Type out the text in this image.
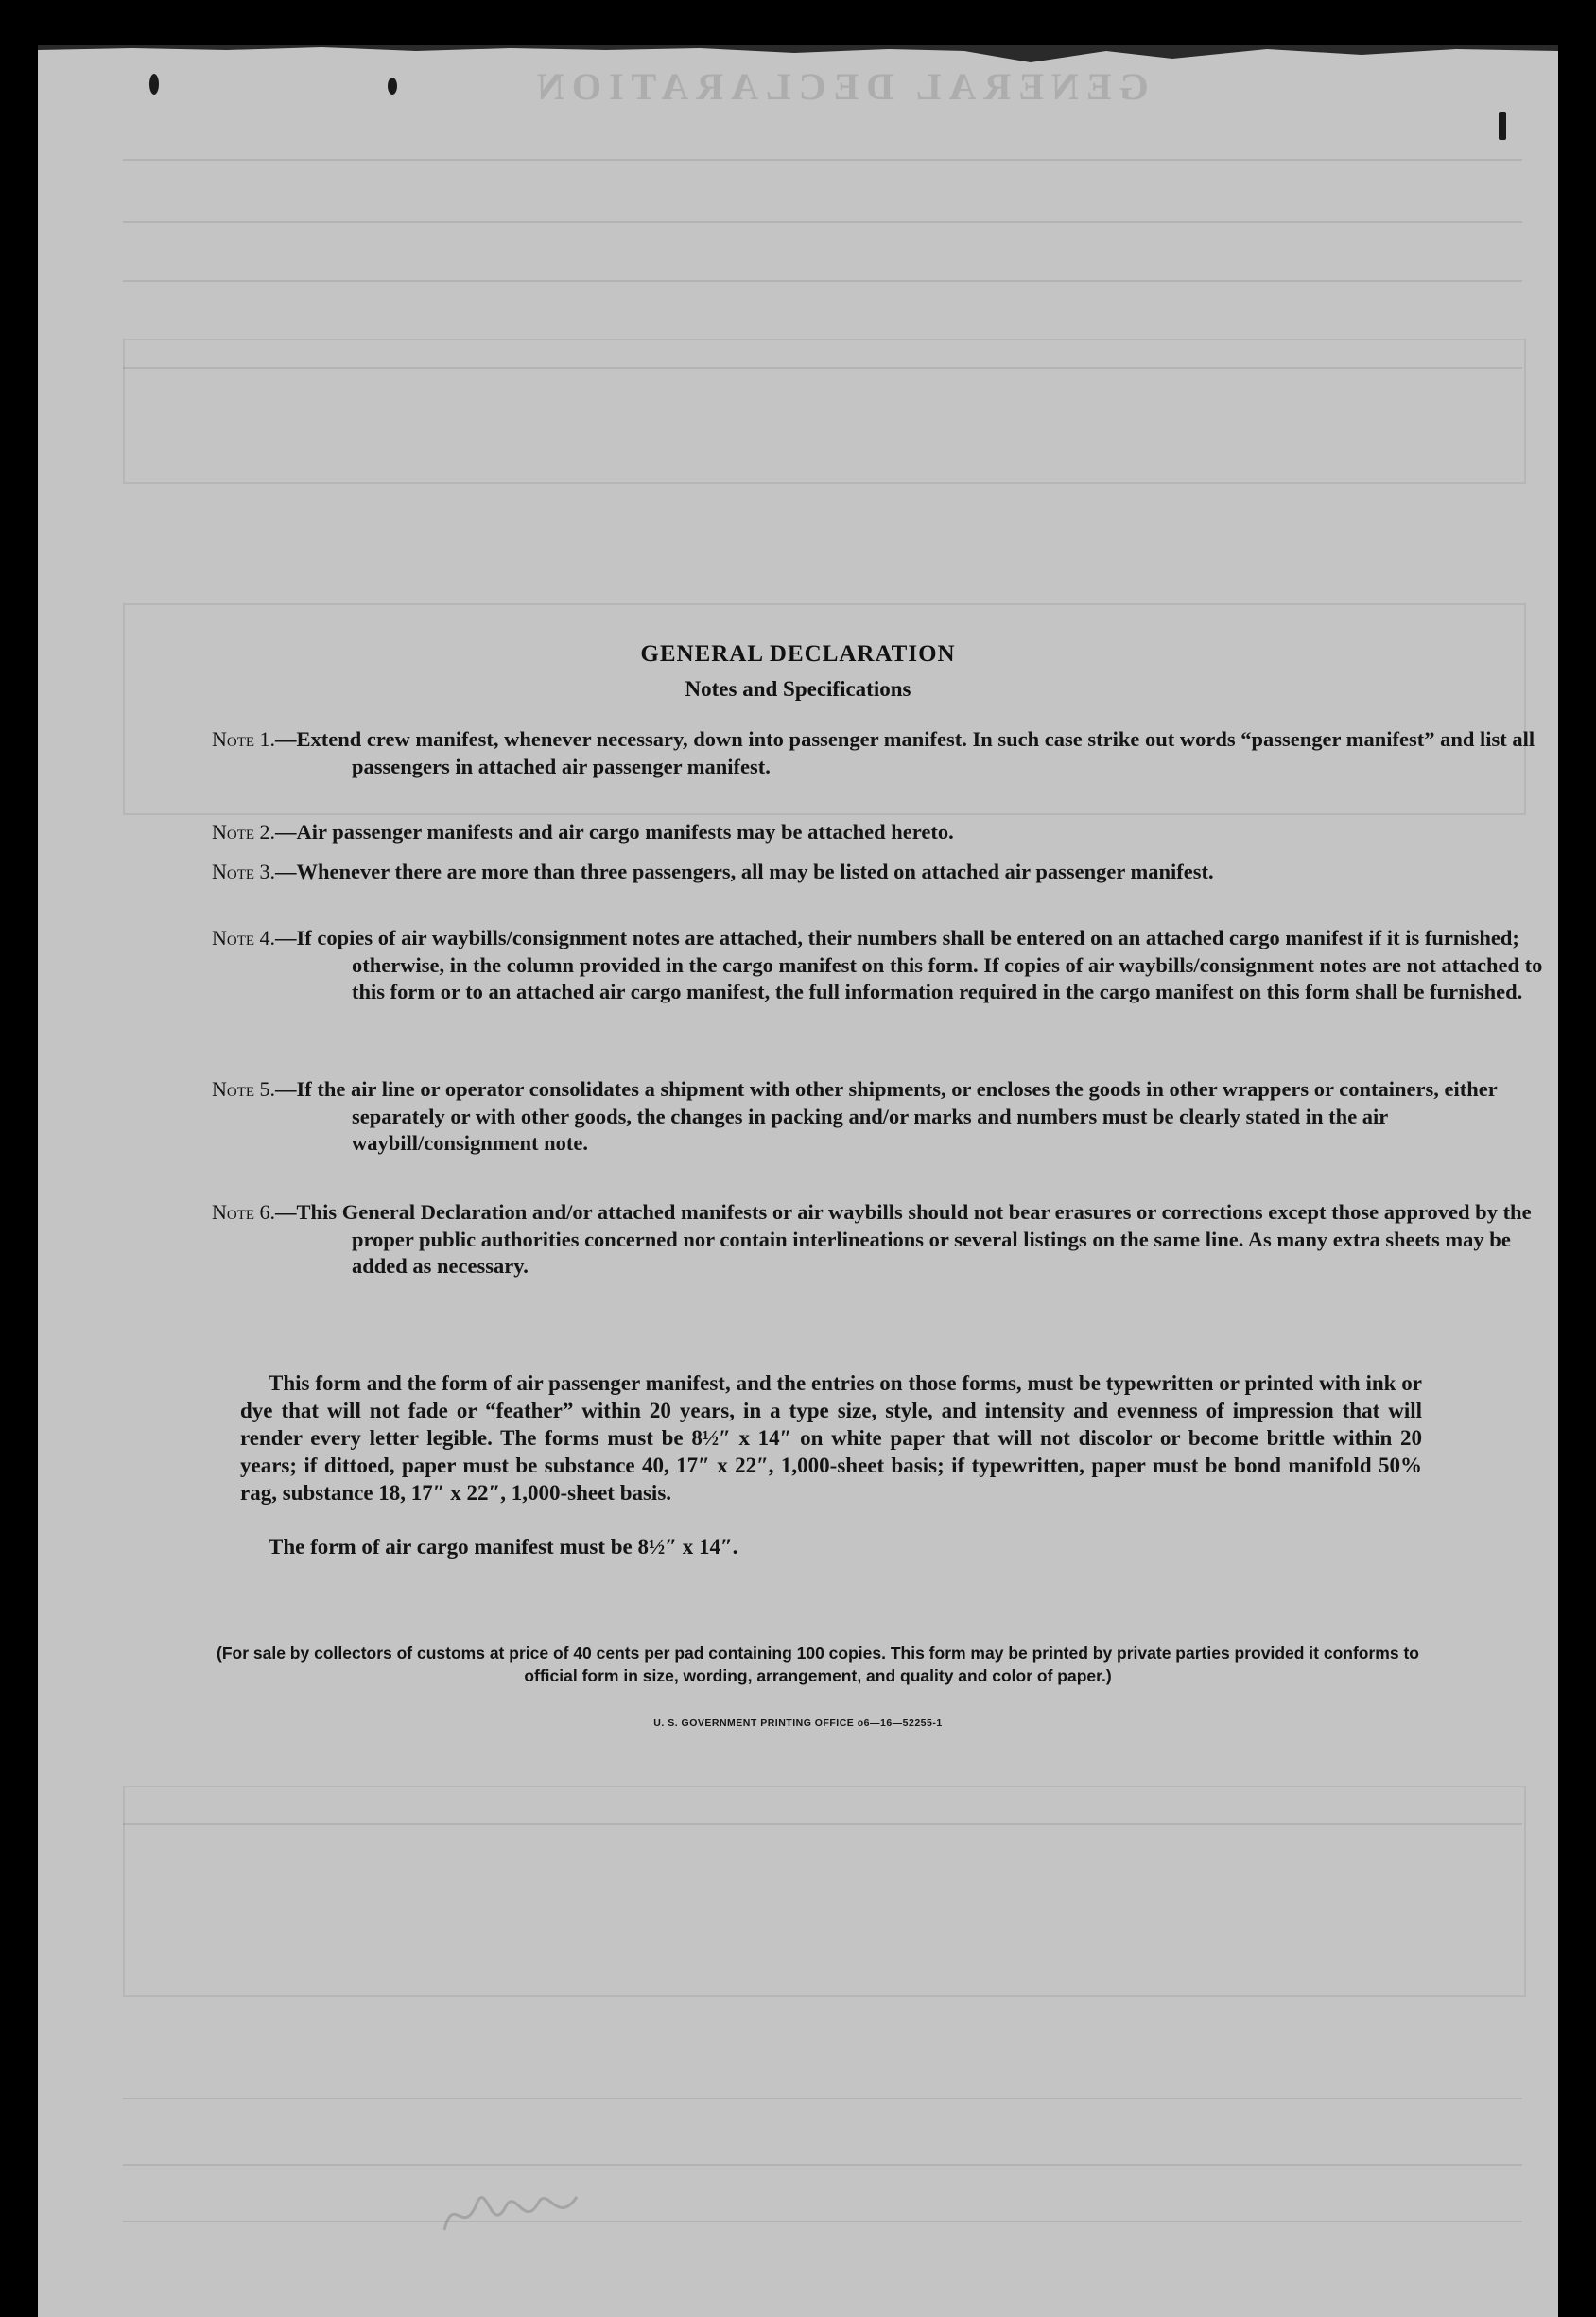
GENERAL DECLARATION
GENERAL DECLARATION
Notes and Specifications
Note 1.—Extend crew manifest, whenever necessary, down into passenger manifest. In such case strike out words “passenger manifest” and list all passengers in attached air passenger manifest.
Note 2.—Air passenger manifests and air cargo manifests may be attached hereto.
Note 3.—Whenever there are more than three passengers, all may be listed on attached air passenger manifest.
Note 4.—If copies of air waybills/consignment notes are attached, their numbers shall be entered on an attached cargo manifest if it is furnished; otherwise, in the column provided in the cargo manifest on this form. If copies of air waybills/consignment notes are not attached to this form or to an attached air cargo manifest, the full information required in the cargo manifest on this form shall be furnished.
Note 5.—If the air line or operator consolidates a shipment with other shipments, or encloses the goods in other wrappers or containers, either separately or with other goods, the changes in packing and/or marks and numbers must be clearly stated in the air waybill/consignment note.
Note 6.—This General Declaration and/or attached manifests or air waybills should not bear erasures or corrections except those approved by the proper public authorities concerned nor contain interlineations or several listings on the same line. As many extra sheets may be added as necessary.
This form and the form of air passenger manifest, and the entries on those forms, must be typewritten or printed with ink or dye that will not fade or “feather” within 20 years, in a type size, style, and intensity and evenness of impression that will render every letter legible. The forms must be 8½″ x 14″ on white paper that will not discolor or become brittle within 20 years; if dittoed, paper must be substance 40, 17″ x 22″, 1,000-sheet basis; if typewritten, paper must be bond manifold 50% rag, substance 18, 17″ x 22″, 1,000-sheet basis.
The form of air cargo manifest must be 8½″ x 14″.
(For sale by collectors of customs at price of 40 cents per pad containing 100 copies. This form may be printed by private parties provided it conforms to official form in size, wording, arrangement, and quality and color of paper.)
U. S. GOVERNMENT PRINTING OFFICE o6—16—52255-1
